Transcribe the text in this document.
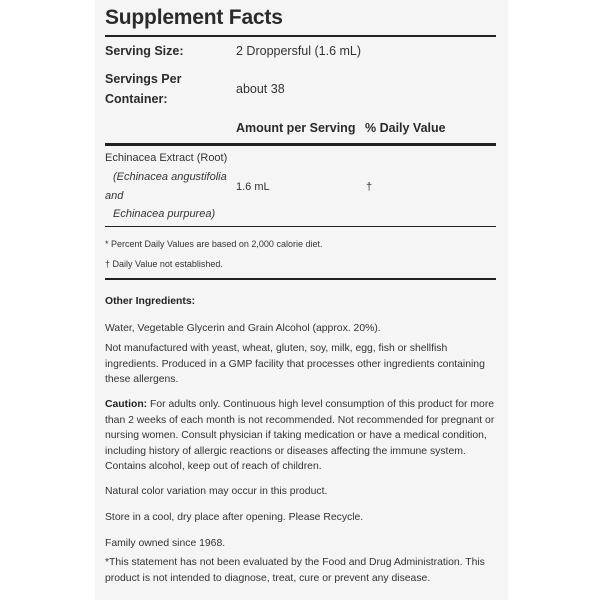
Supplement Facts
Serving Size:	2 Droppersful (1.6 mL)
Servings Per
Container:
about 38
Amount per Serving % Daily Value
Echinacea Extract (Root)
(Echinacea angustifolia
and
Echinacea purpurea)
1.6 mL	†
* Percent Daily Values are based on 2,000 calorie diet.
† Daily Value not established.
Other Ingredients:
Water, Vegetable Glycerin and Grain Alcohol (approx. 20%).
Not manufactured with yeast, wheat, gluten, soy, milk, egg, fish or shellfish ingredients. Produced in a GMP facility that processes other ingredients containing these allergens.
Caution: For adults only. Continuous high level consumption of this product for more than 2 weeks of each month is not recommended. Not recommended for pregnant or nursing women. Consult physician if taking medication or have a medical condition, including history of allergic reactions or diseases affecting the immune system. Contains alcohol, keep out of reach of children.
Natural color variation may occur in this product.
Store in a cool, dry place after opening. Please Recycle.
Family owned since 1968.
*This statement has not been evaluated by the Food and Drug Administration. This product is not intended to diagnose, treat, cure or prevent any disease.
